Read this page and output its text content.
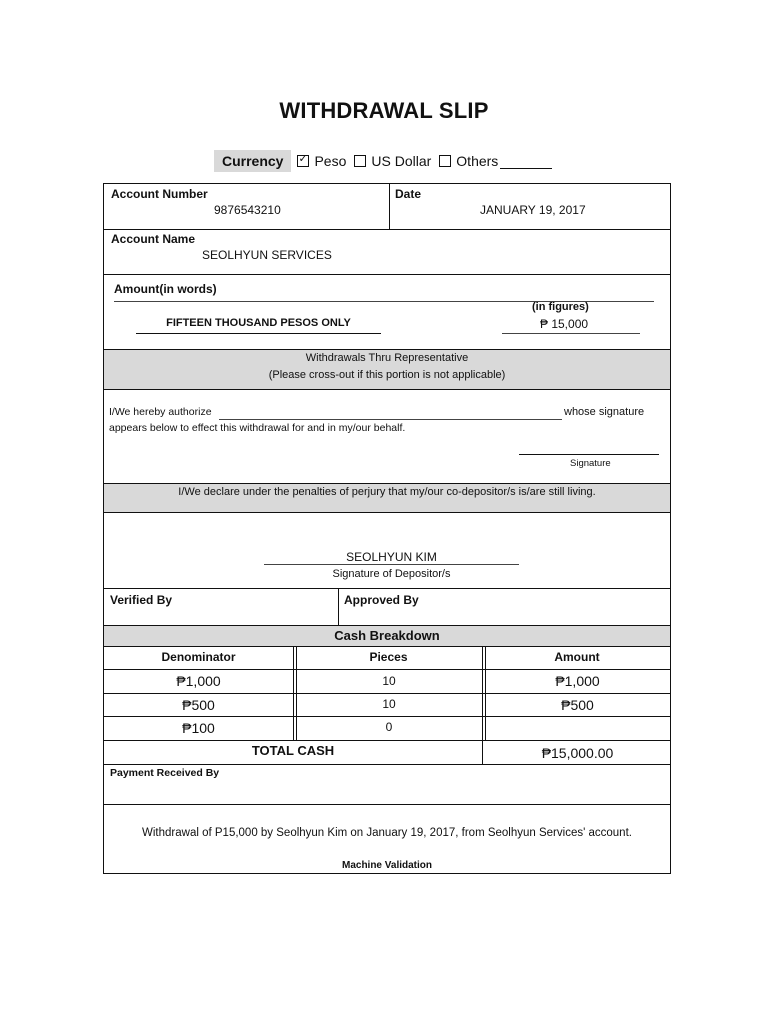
WITHDRAWAL SLIP
Currency
✓	Peso US Dollar Others
Account Number
9876543210
Date
JANUARY 19, 2017
Account Name
SEOLHYUN SERVICES
Amount(in words)
(in figures)
FIFTEEN THOUSAND PESOS ONLY	₱ 15,000
Withdrawals Thru Representative
(Please cross-out if this portion is not applicable)
I/We hereby authorize	whose signature
appears below to effect this withdrawal for and in my/our behalf.
Signature
I/We declare under the penalties of perjury that my/our co-depositor/s is/are still living.
SEOLHYUN KIM
Signature of Depositor/s
Verified By	Approved By
Cash Breakdown
Denominator	Pieces	Amount
₱1,000	10	₱1,000
₱500	10	₱500
₱100	0
TOTAL CASH	₱15,000.00
Payment Received By
Withdrawal of P15,000 by Seolhyun Kim on January 19, 2017, from Seolhyun Services' account.
Machine Validation
